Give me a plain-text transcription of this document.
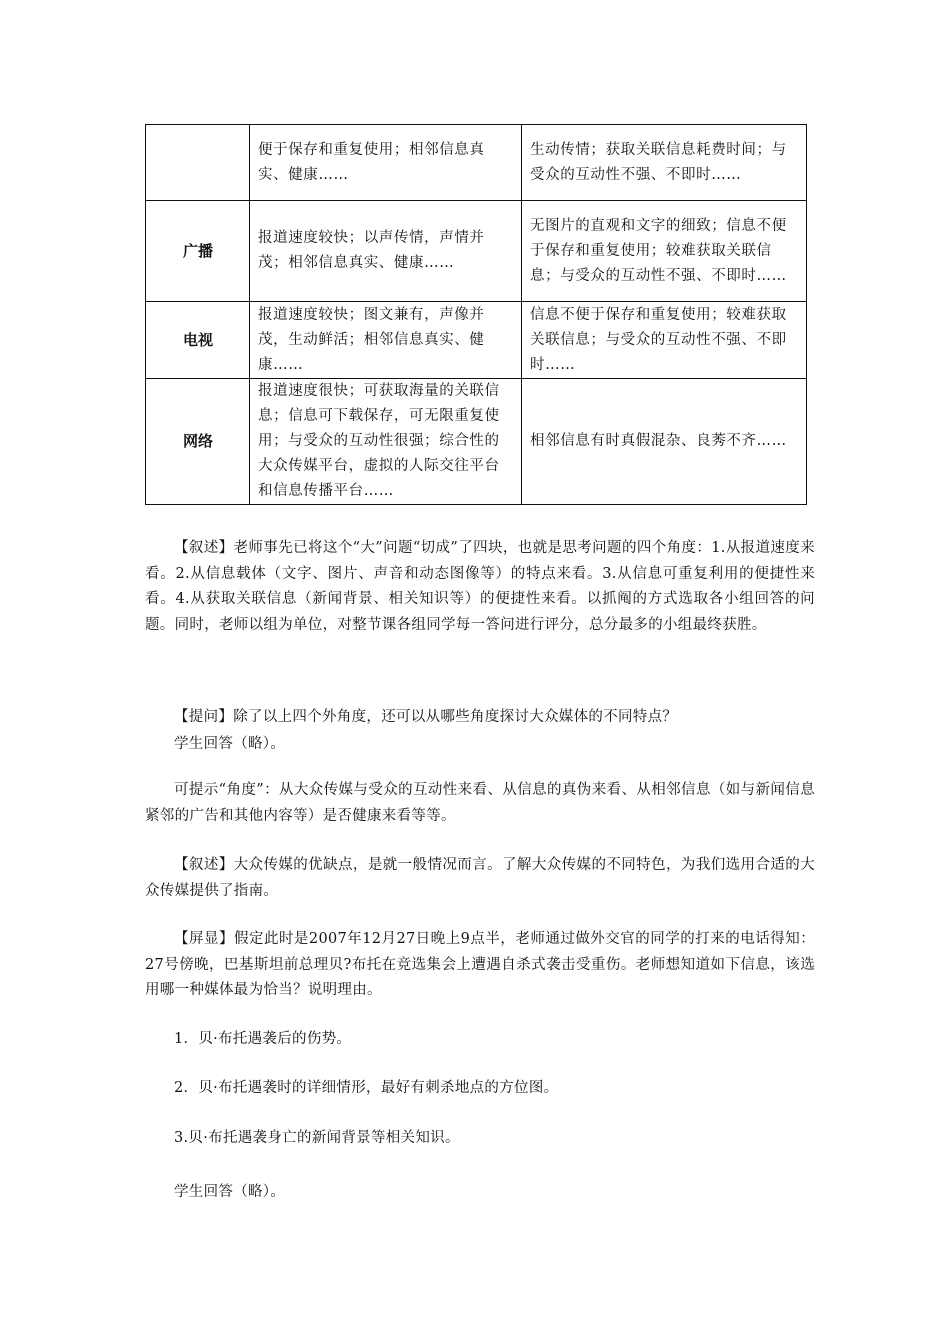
	便于保存和重复使用；相邻信息真实、健康……	生动传情；获取关联信息耗费时间；与受众的互动性不强、不即时……
广播	报道速度较快；以声传情，声情并茂；相邻信息真实、健康……	无图片的直观和文字的细致；信息不便于保存和重复使用；较难获取关联信息；与受众的互动性不强、不即时……
电视	报道速度较快；图文兼有，声像并茂，生动鲜活；相邻信息真实、健康……	信息不便于保存和重复使用；较难获取关联信息；与受众的互动性不强、不即时……
网络	报道速度很快；可获取海量的关联信息；信息可下载保存，可无限重复使用；与受众的互动性很强；综合性的大众传媒平台，虚拟的人际交往平台和信息传播平台……	相邻信息有时真假混杂、良莠不齐……

【叙述】老师事先已将这个“大”问题“切成”了四块，也就是思考问题的四个角度：1.从报道速度来看。2.从信息载体（文字、图片、声音和动态图像等）的特点来看。3.从信息可重复利用的便捷性来看。4.从获取关联信息（新闻背景、相关知识等）的便捷性来看。以抓阄的方式选取各小组回答的问题。同时，老师以组为单位，对整节课各组同学每一答问进行评分，总分最多的小组最终获胜。

【提问】除了以上四个外角度，还可以从哪些角度探讨大众媒体的不同特点？

学生回答（略）。

可提示“角度”：从大众传媒与受众的互动性来看、从信息的真伪来看、从相邻信息（如与新闻信息紧邻的广告和其他内容等）是否健康来看等等。

【叙述】大众传媒的优缺点，是就一般情况而言。了解大众传媒的不同特色，为我们选用合适的大众传媒提供了指南。

【屏显】假定此时是2007年12月27日晚上9点半，老师通过做外交官的同学的打来的电话得知：27号傍晚，巴基斯坦前总理贝?布托在竞选集会上遭遇自杀式袭击受重伤。老师想知道如下信息，该选用哪一种媒体最为恰当？说明理由。

1．贝·布托遇袭后的伤势。

2．贝·布托遇袭时的详细情形，最好有刺杀地点的方位图。

3.贝·布托遇袭身亡的新闻背景等相关知识。

学生回答（略）。
